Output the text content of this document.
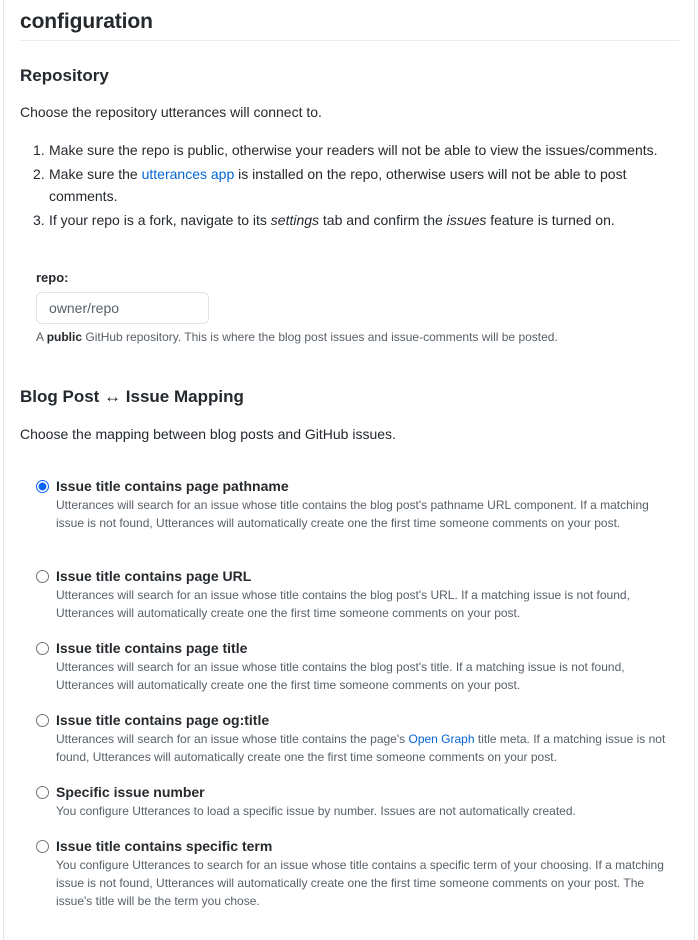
configuration
Repository

Choose the repository utterances will connect to.

1. Make sure the repo is public, otherwise your readers will not be able to view the issues/comments.
2. Make sure the utterances app is installed on the repo, otherwise users will not be able to post comments.
3. If your repo is a fork, navigate to its settings tab and confirm the issues feature is turned on.
repo:
owner/repo
A public GitHub repository. This is where the blog post issues and issue-comments will be posted.
Blog Post ↔ Issue Mapping

Choose the mapping between blog posts and GitHub issues.

Issue title contains page pathname
Utterances will search for an issue whose title contains the blog post's pathname URL component. If a matching issue is not found, Utterances will automatically create one the first time someone comments on your post.
Issue title contains page URL
Utterances will search for an issue whose title contains the blog post's URL. If a matching issue is not found, Utterances will automatically create one the first time someone comments on your post.
Issue title contains page title
Utterances will search for an issue whose title contains the blog post's title. If a matching issue is not found, Utterances will automatically create one the first time someone comments on your post.
Issue title contains page og:title
Utterances will search for an issue whose title contains the page's Open Graph title meta. If a matching issue is not found, Utterances will automatically create one the first time someone comments on your post.
Specific issue number
You configure Utterances to load a specific issue by number. Issues are not automatically created.
Issue title contains specific term
You configure Utterances to search for an issue whose title contains a specific term of your choosing. If a matching issue is not found, Utterances will automatically create one the first time someone comments on your post. The issue's title will be the term you chose.
